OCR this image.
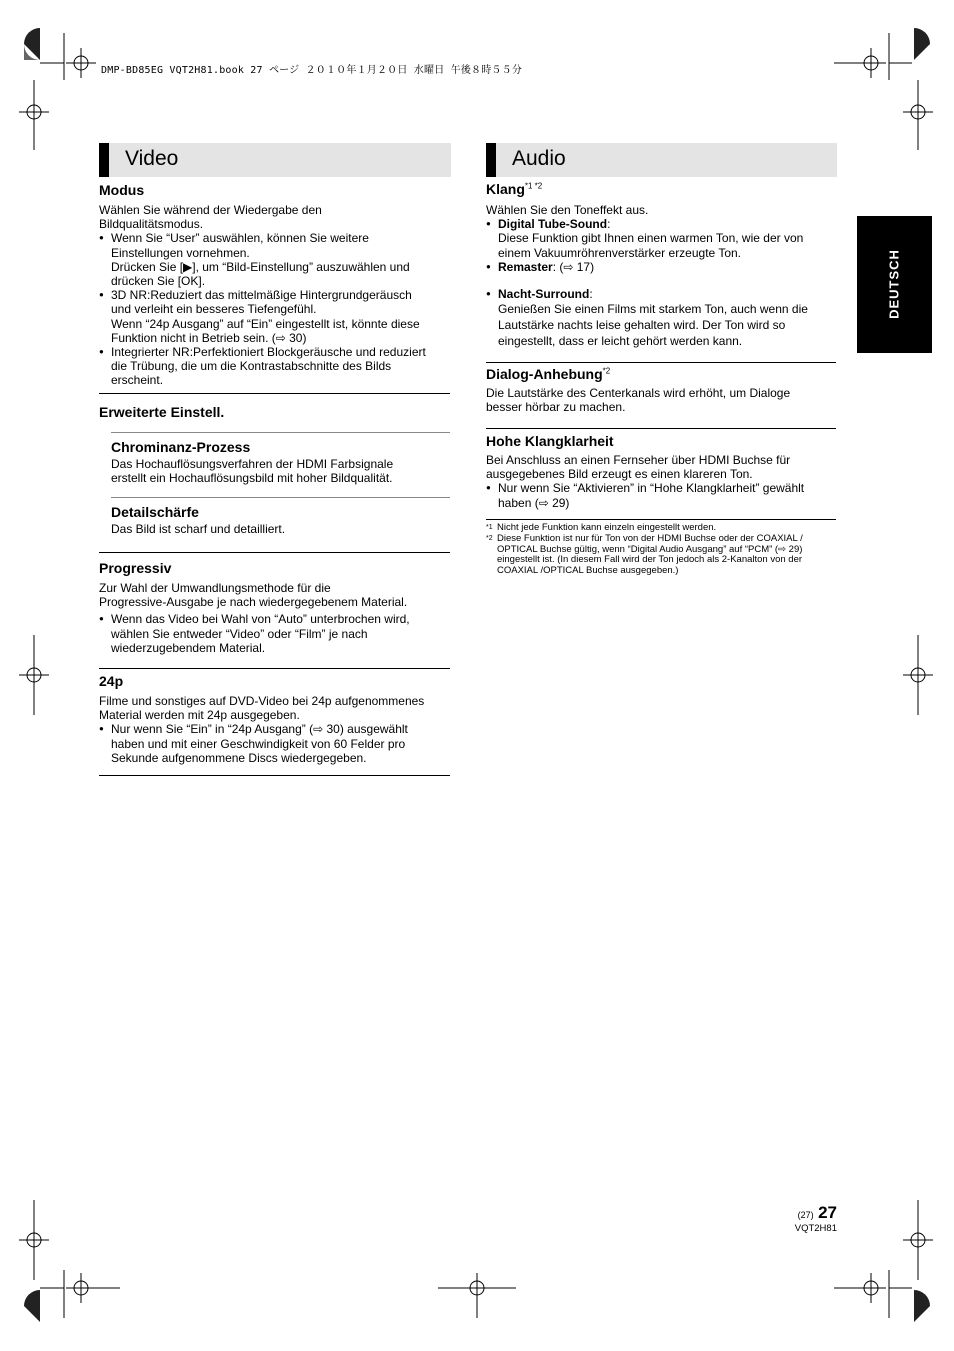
DMP-BD85EG VQT2H81.book 27 ページ ２０１０年１月２０日 水曜日 午後８時５５分
DEUTSCH
Video
Modus
Wählen Sie während der Wiedergabe den
Bildqualitätsmodus.
● Wenn Sie “User” auswählen, können Sie weitere
Einstellungen vornehmen.
Drücken Sie [▶], um “Bild-Einstellung” auszuwählen und
drücken Sie [OK].
● 3D NR:Reduziert das mittelmäßige Hintergrundgeräusch
und verleiht ein besseres Tiefengefühl.
Wenn “24p Ausgang” auf “Ein” eingestellt ist, könnte diese
Funktion nicht in Betrieb sein. (⇨ 30)
● Integrierter NR:Perfektioniert Blockgeräusche und reduziert
die Trübung, die um die Kontrastabschnitte des Bilds
erscheint.
Erweiterte Einstell.
Chrominanz-Prozess
Das Hochauflösungsverfahren der HDMI Farbsignale
erstellt ein Hochauflösungsbild mit hoher Bildqualität.
Detailschärfe
Das Bild ist scharf und detailliert.
Progressiv
Zur Wahl der Umwandlungsmethode für die
Progressive-Ausgabe je nach wiedergegebenem Material.
● Wenn das Video bei Wahl von “Auto” unterbrochen wird,
wählen Sie entweder “Video” oder “Film” je nach
wiederzugebendem Material.
24p
Filme und sonstiges auf DVD-Video bei 24p aufgenommenes
Material werden mit 24p ausgegeben.
● Nur wenn Sie “Ein” in “24p Ausgang” (⇨ 30) ausgewählt
haben und mit einer Geschwindigkeit von 60 Felder pro
Sekunde aufgenommene Discs wiedergegeben.
Audio
Klang$^{*1 *2}$
Wählen Sie den Toneffekt aus.
● Digital Tube-Sound:
Diese Funktion gibt Ihnen einen warmen Ton, wie der von
einem Vakuumröhrenverstärker erzeugte Ton.
● Remaster: (⇨ 17)
● Nacht-Surround:
Genießen Sie einen Films mit starkem Ton, auch wenn die
Lautstärke nachts leise gehalten wird. Der Ton wird so
eingestellt, dass er leicht gehört werden kann.
Dialog-Anhebung$^{*2}$
Die Lautstärke des Centerkanals wird erhöht, um Dialoge
besser hörbar zu machen.
Hohe Klangklarheit
Bei Anschluss an einen Fernseher über HDMI Buchse für
ausgegebenes Bild erzeugt es einen klareren Ton.
● Nur wenn Sie “Aktivieren” in “Hohe Klangklarheit” gewählt
haben (⇨ 29)
*1 Nicht jede Funktion kann einzeln eingestellt werden.
*2 Diese Funktion ist nur für Ton von der HDMI Buchse oder der COAXIAL /
OPTICAL Buchse gültig, wenn “Digital Audio Ausgang” auf “PCM” (⇨ 29)
eingestellt ist. (In diesem Fall wird der Ton jedoch als 2-Kanalton von der
COAXIAL /OPTICAL Buchse ausgegeben.)
(27) 27
VQT2H81
